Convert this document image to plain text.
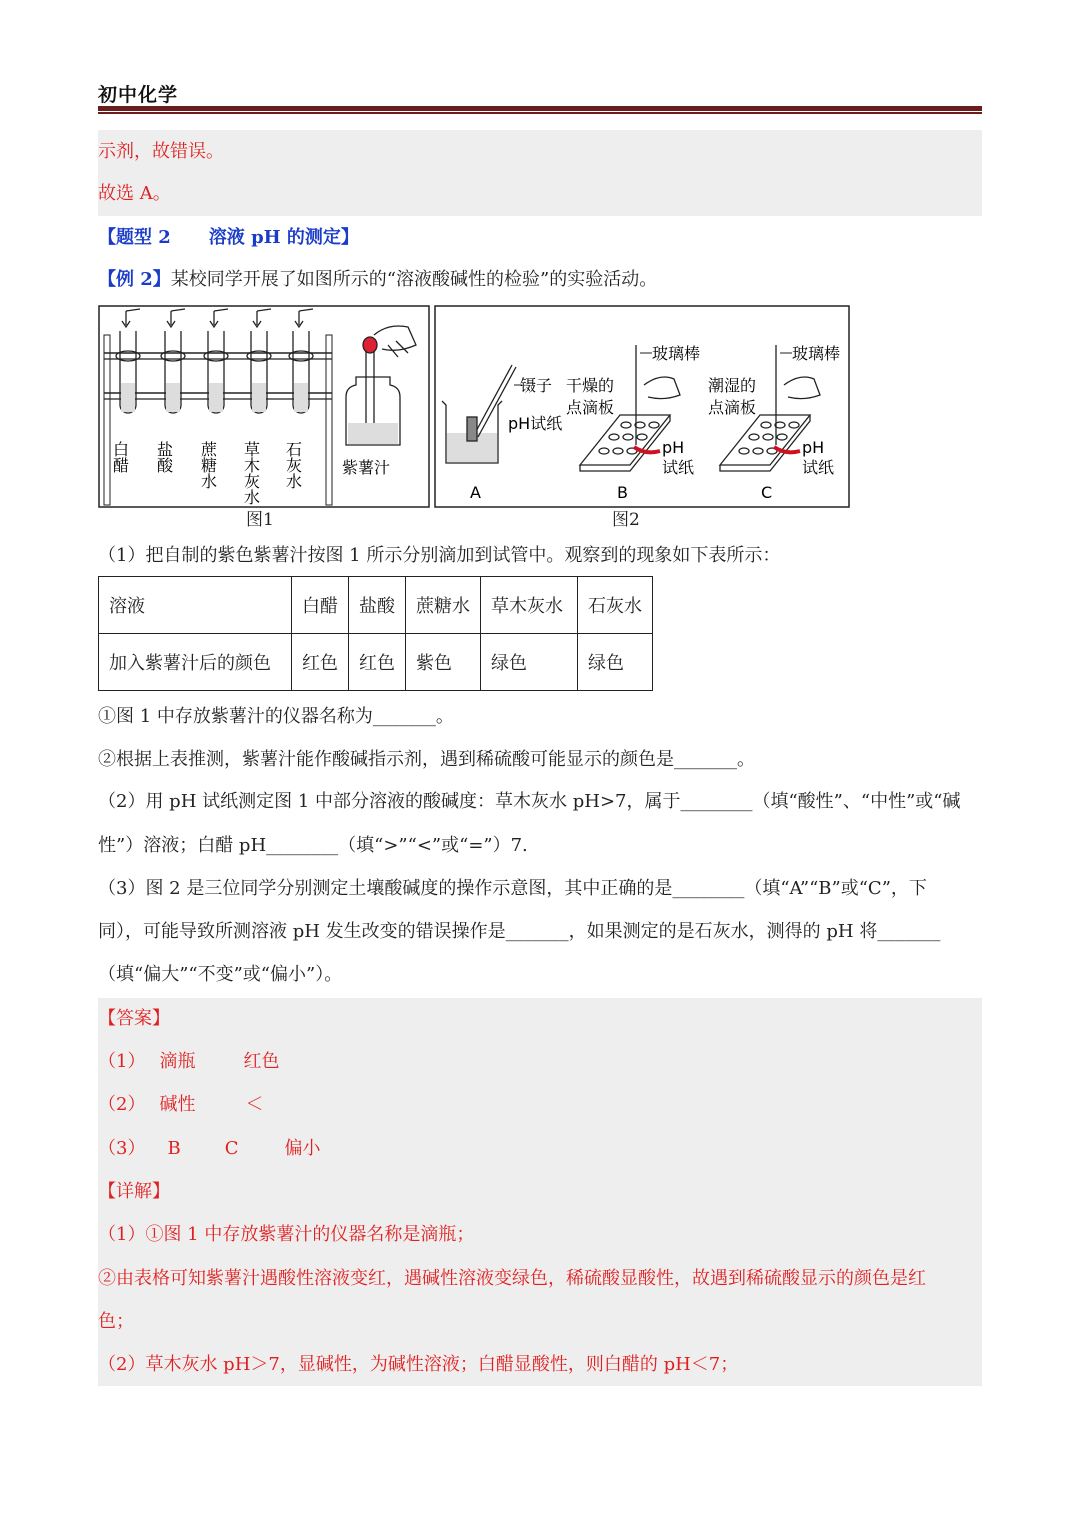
初中化学
示剂，故错误。
故选 A。
【题型 2 溶液 pH 的测定】
【例 2】某校同学开展了如图所示的“溶液酸碱性的检验”的实验活动。
白醋 盐酸 蔗糖水 草木灰水 石灰水 紫薯汁
图1
镊子
pH试纸
玻璃棒
干燥的点滴板
pH 试纸
玻璃棒
潮湿的点滴板
pH 试纸
A	B	C
图2
（1）把自制的紫色紫薯汁按图 1 所示分别滴加到试管中。观察到的现象如下表所示：
溶液	白醋	盐酸	蔗糖水	草木灰水	石灰水
加入紫薯汁后的颜色	红色	红色	紫色	绿色	绿色
①图 1 中存放紫薯汁的仪器名称为_______。
②根据上表推测，紫薯汁能作酸碱指示剂，遇到稀硫酸可能显示的颜色是_______。
（2）用 pH 试纸测定图 1 中部分溶液的酸碱度：草木灰水 pH>7，属于________（填“酸性”、“中性”或“碱
性”）溶液；白醋 pH________（填“>”“<”或“=”）7.
（3）图 2 是三位同学分别测定土壤酸碱度的操作示意图，其中正确的是________（填“A”“B”或“C”，下
同），可能导致所测溶液 pH 发生改变的错误操作是_______，如果测定的是石灰水，测得的 pH 将_______
（填“偏大”“不变”或“偏小”）。
【答案】
（1） 滴瓶	红色
（2） 碱性	＜
（3） B C	偏小
【详解】
（1）①图 1 中存放紫薯汁的仪器名称是滴瓶；
②由表格可知紫薯汁遇酸性溶液变红，遇碱性溶液变绿色，稀硫酸显酸性，故遇到稀硫酸显示的颜色是红
色；
（2）草木灰水 pH＞7，显碱性，为碱性溶液；白醋显酸性，则白醋的 pH＜7；
